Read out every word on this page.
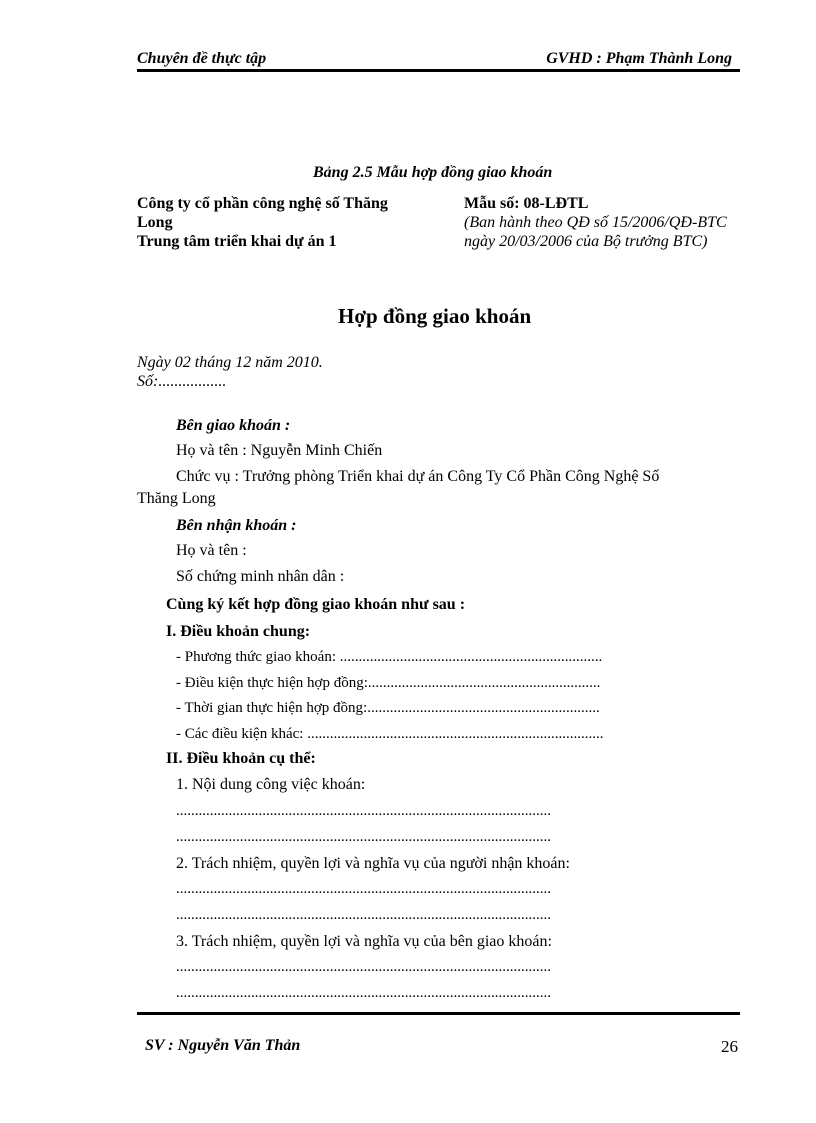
Chuyên đề thực tập	GVHD : Phạm Thành Long
Bảng 2.5 Mẫu hợp đồng giao khoán
Công ty cổ phần công nghệ số Thăng
Long
Trung tâm triển khai dự án 1
Mẫu số: 08-LĐTL
(Ban hành theo QĐ số 15/2006/QĐ-BTC
ngày 20/03/2006 của Bộ trưởng BTC)
Hợp đồng giao khoán
Ngày 02 tháng 12 năm 2010.
Số:.................
Bên giao khoán :
Họ và tên : Nguyễn Minh Chiến
Chức vụ : Trưởng phòng Triển khai dự án Công Ty Cổ Phần Công Nghệ Số
Thăng Long
Bên nhận khoán :
Họ và tên :
Số chứng minh nhân dân :
Cùng ký kết hợp đồng giao khoán như sau :
I. Điều khoản chung:
- Phương thức giao khoán: ......................................................................
- Điều kiện thực hiện hợp đồng:..............................................................
- Thời gian thực hiện hợp đồng:..............................................................
- Các điều kiện khác: ...............................................................................
II. Điều khoản cụ thể:
1. Nội dung công việc khoán:
....................................................................................................
....................................................................................................
2. Trách nhiệm, quyền lợi và nghĩa vụ của người nhận khoán:
....................................................................................................
....................................................................................................
3. Trách nhiệm, quyền lợi và nghĩa vụ của bên giao khoán:
....................................................................................................
....................................................................................................
SV : Nguyễn Văn Thản	26
